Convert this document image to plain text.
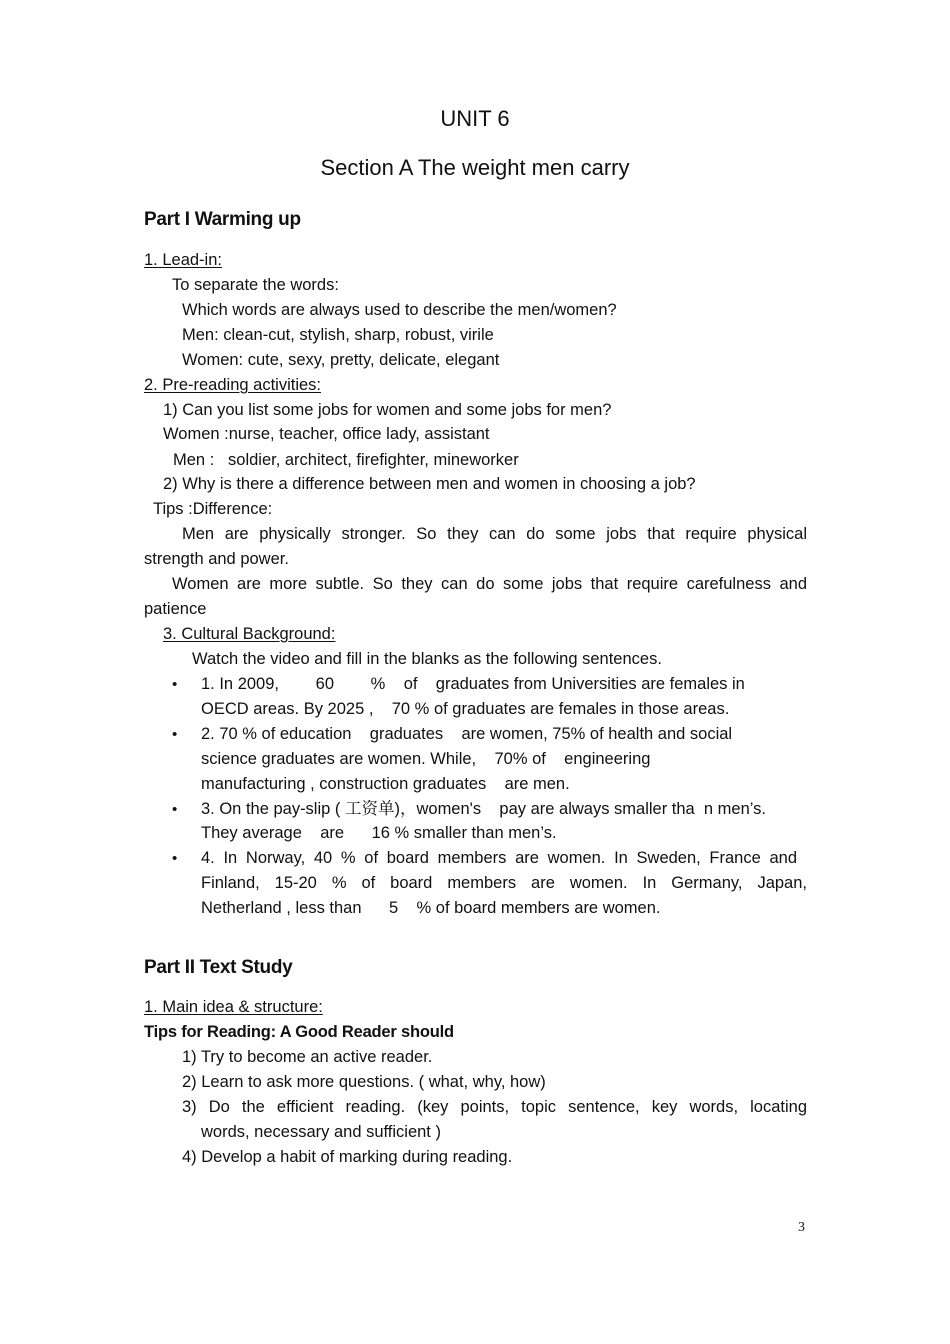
UNIT 6
Section A The weight men carry
Part I Warming up
1. Lead-in:
To separate the words:
Which words are always used to describe the men/women?
Men: clean-cut, stylish, sharp, robust, virile
Women: cute, sexy, pretty, delicate, elegant
2. Pre-reading activities:
1) Can you list some jobs for women and some jobs for men?
Women :nurse, teacher, office lady, assistant
Men :   soldier, architect, firefighter, mineworker
2) Why is there a difference between men and women in choosing a job?
Tips :Difference:
Men are physically stronger. So they can do some jobs that require physical
strength and power.
Women are more subtle. So they can do some jobs that require carefulness and
patience
3. Cultural Background:
Watch the video and fill in the blanks as the following sentences.
• 1. In 2009,        60        %    of    graduates from Universities are females in
OECD areas. By 2025 ,    70 % of graduates are females in those areas.
• 2. 70 % of education    graduates    are women, 75% of health and social
science graduates are women. While,    70% of    engineering
manufacturing , construction graduates    are men.
• 3. On the pay-slip ( 工资单)，women's    pay are always smaller tha  n men’s.
They average    are      16 % smaller than men’s.
• 4. In Norway, 40 % of board members are women. In Sweden, France and
Finland, 15-20 % of board members are women. In Germany, Japan,
Netherland , less than      5    % of board members are women.
Part II Text Study
1. Main idea & structure:
Tips for Reading: A Good Reader should
1) Try to become an active reader.
2) Learn to ask more questions. ( what, why, how)
3) Do the efficient reading. (key points, topic sentence, key words, locating
words, necessary and sufficient )
4) Develop a habit of marking during reading.
3
